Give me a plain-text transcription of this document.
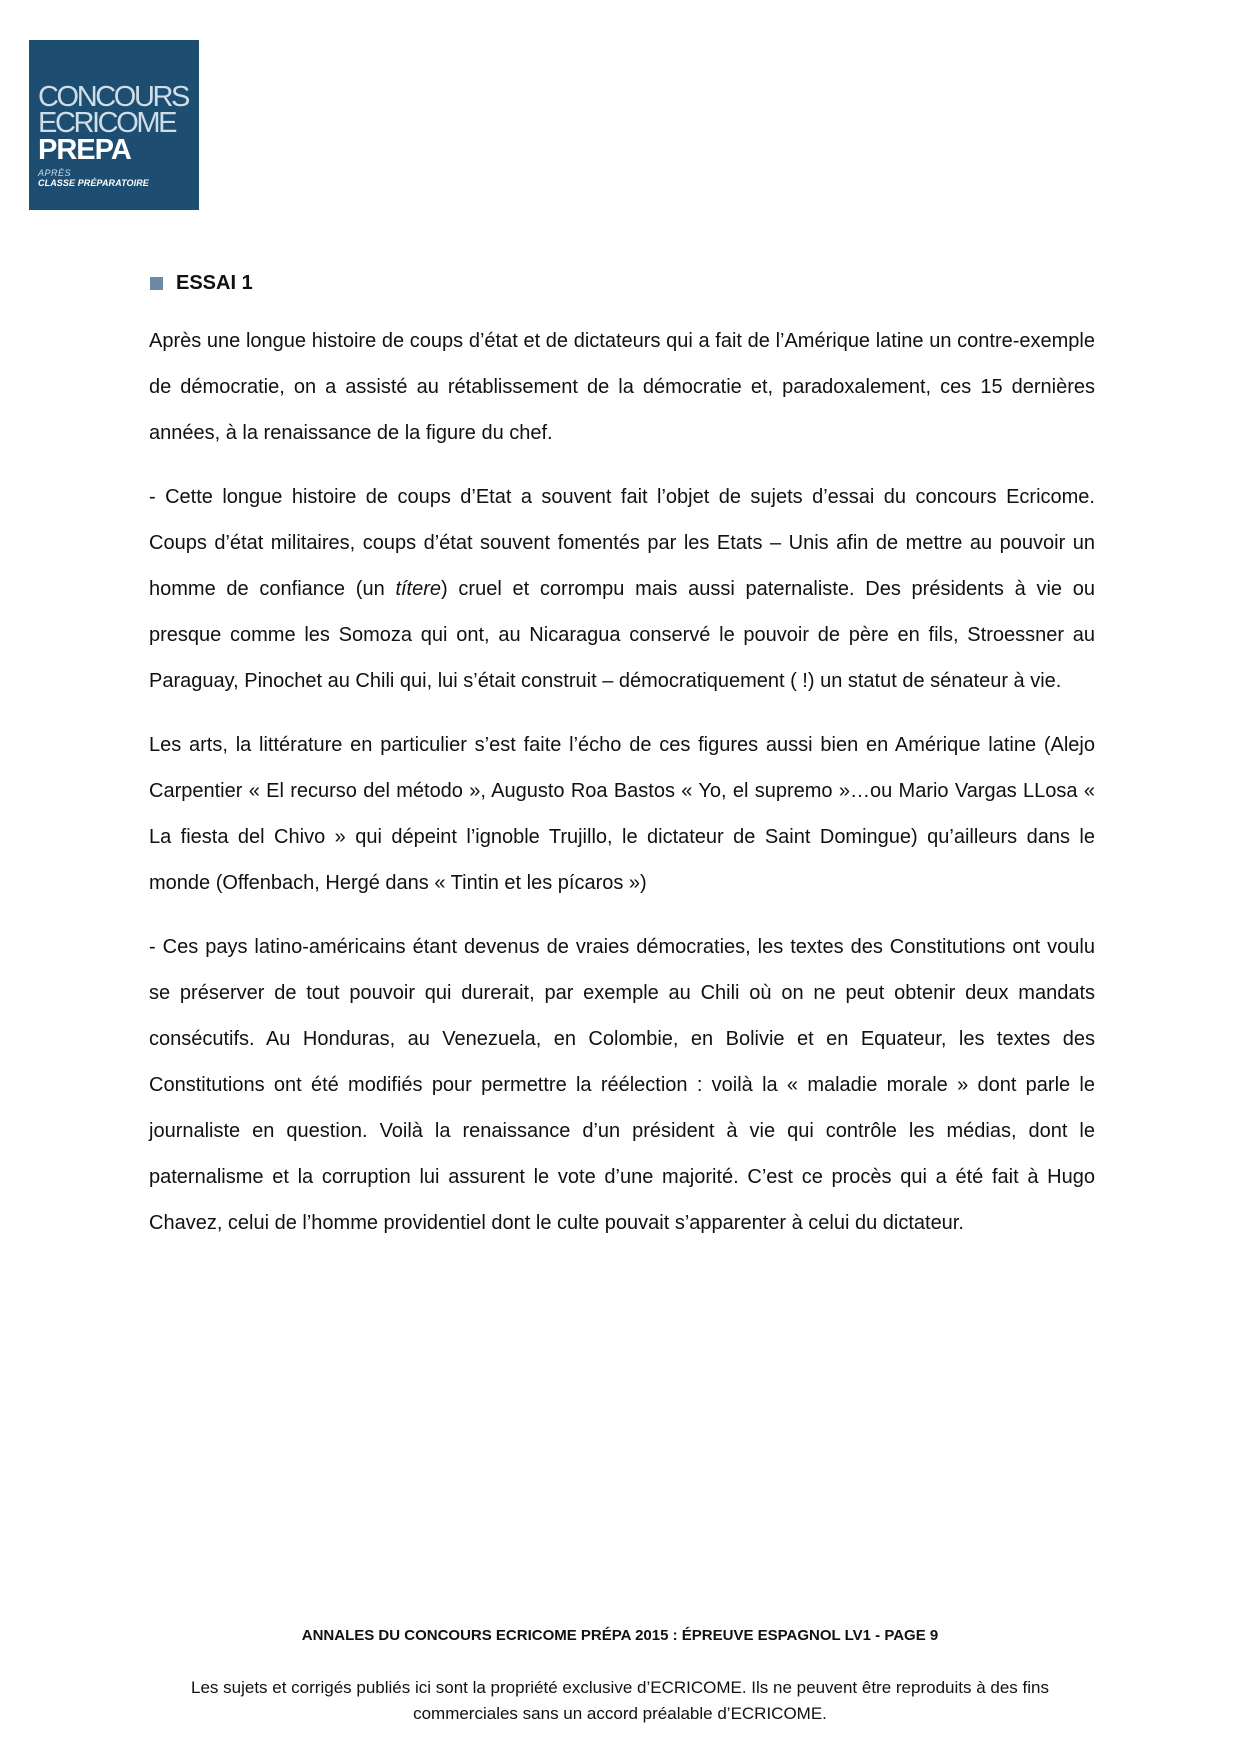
CONCOURS
ECRICOME
PREPA
APRÈS
CLASSE PRÉPARATOIRE
ESSAI 1

Après une longue histoire de coups d’état et de dictateurs qui a fait de l’Amérique latine un contre-exemple de démocratie, on a assisté au rétablissement de la démocratie et, paradoxalement, ces 15 dernières années, à la renaissance de la figure du chef.

- Cette longue histoire de coups d’Etat a souvent fait l’objet de sujets d’essai du concours Ecricome. Coups d’état militaires, coups d’état souvent fomentés par les Etats – Unis afin de mettre au pouvoir un homme de confiance (un títere) cruel et corrompu mais aussi paternaliste. Des présidents à vie ou presque comme les Somoza qui ont, au Nicaragua conservé le pouvoir de père en fils, Stroessner au Paraguay, Pinochet au Chili qui, lui s’était construit – démocratiquement ( !) un statut de sénateur à vie.

Les arts, la littérature en particulier s’est faite l’écho de ces figures aussi bien en Amérique latine (Alejo Carpentier « El recurso del método », Augusto Roa Bastos « Yo, el supremo »…ou Mario Vargas LLosa « La fiesta del Chivo » qui dépeint l’ignoble Trujillo, le dictateur de Saint Domingue) qu’ailleurs dans le monde (Offenbach, Hergé dans « Tintin et les pícaros »)

- Ces pays latino-américains étant devenus de vraies démocraties, les textes des Constitutions ont voulu se préserver de tout pouvoir qui durerait, par exemple au Chili où on ne peut obtenir deux mandats consécutifs. Au Honduras, au Venezuela, en Colombie, en Bolivie et en Equateur, les textes des Constitutions ont été modifiés pour permettre la réélection : voilà la « maladie morale » dont parle le journaliste en question. Voilà la renaissance d’un président à vie qui contrôle les médias, dont le paternalisme et la corruption lui assurent le vote d’une majorité. C’est ce procès qui a été fait à Hugo Chavez, celui de l’homme providentiel dont le culte pouvait s’apparenter à celui du dictateur.

ANNALES DU CONCOURS ECRICOME PRÉPA 2015 : ÉPREUVE ESPAGNOL LV1 - PAGE 9
Les sujets et corrigés publiés ici sont la propriété exclusive d’ECRICOME. Ils ne peuvent être reproduits à des fins commerciales sans un accord préalable d’ECRICOME.
